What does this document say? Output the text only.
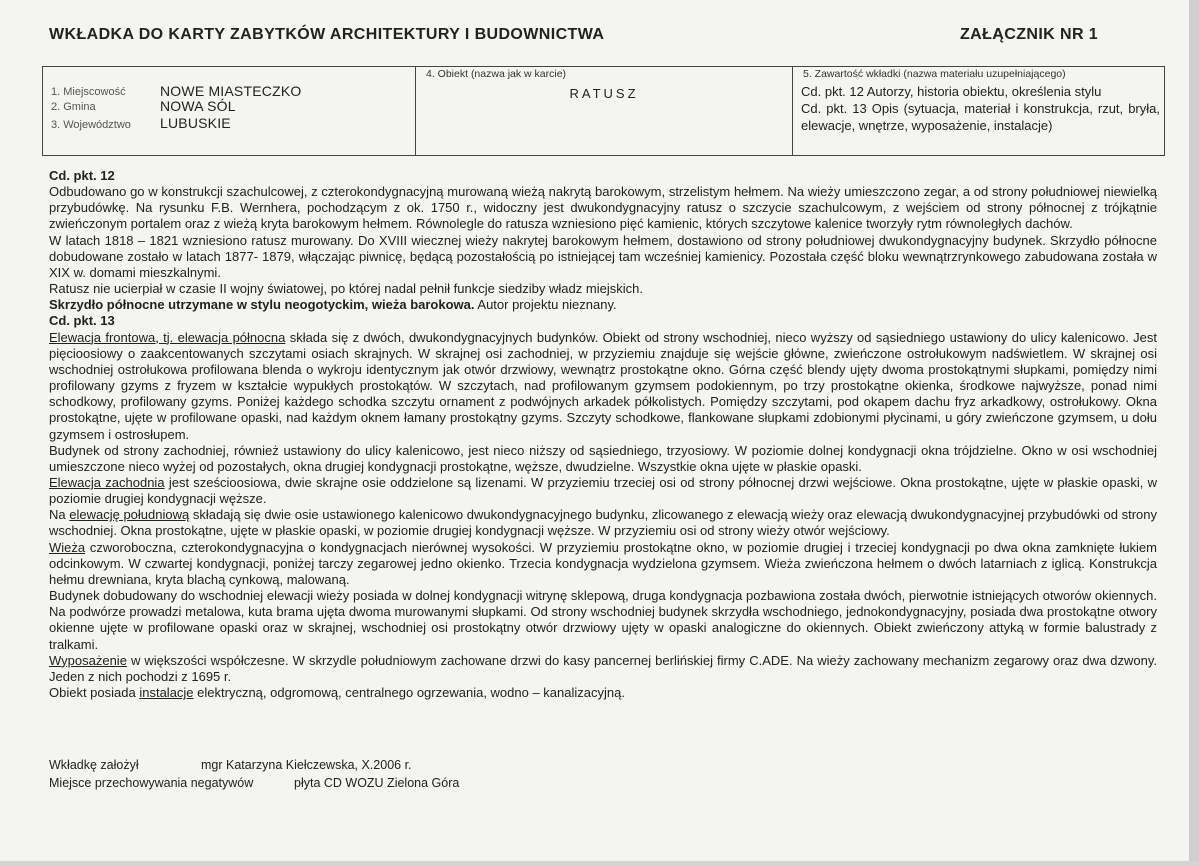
WKŁADKA DO KARTY ZABYTKÓW ARCHITEKTURY I BUDOWNICTWA	ZAŁĄCZNIK NR 1
1. Miejscowość NOWE MIASTECZKO
2. Gmina	NOWA SÓL
3. Województwo LUBUSKIE

4. Obiekt (nazwa jak w karcie)
RATUSZ

5. Zawartość wkładki (nazwa materiału uzupełniającego)
Cd. pkt. 12 Autorzy, historia obiektu, określenia stylu
Cd. pkt. 13 Opis (sytuacja, materiał i konstrukcja, rzut, bryła, elewacje, wnętrze, wyposażenie, instalacje)

Cd. pkt. 12

Odbudowano go w konstrukcji szachulcowej, z czterokondygnacyjną murowaną wieżą nakrytą barokowym, strzelistym hełmem. Na wieży umieszczono zegar, a od strony południowej niewielką przybudówkę. Na rysunku F.B. Wernhera, pochodzącym z ok. 1750 r., widoczny jest dwukondygnacyjny ratusz o szczycie szachulcowym, z wejściem od strony północnej z trójkątnie zwieńczonym portalem oraz z wieżą kryta barokowym hełmem. Równolegle do ratusza wzniesiono pięć kamienic, których szczytowe kalenice tworzyły rytm równoległych dachów.

W latach 1818 – 1821 wzniesiono ratusz murowany. Do XVIII wiecznej wieży nakrytej barokowym hełmem, dostawiono od strony południowej dwukondygnacyjny budynek. Skrzydło północne dobudowane zostało w latach 1877- 1879, włączając piwnicę, będącą pozostałością po istniejącej tam wcześniej kamienicy. Pozostała część bloku wewnątrzrynkowego zabudowana została w XIX w. domami mieszkalnymi.

Ratusz nie ucierpiał w czasie II wojny światowej, po której nadal pełnił funkcje siedziby władz miejskich.

Skrzydło północne utrzymane w stylu neogotyckim, wieża barokowa. Autor projektu nieznany.

Cd. pkt. 13

Elewacja frontowa, tj. elewacja północna składa się z dwóch, dwukondygnacyjnych budynków. Obiekt od strony wschodniej, nieco wyższy od sąsiedniego ustawiony do ulicy kalenicowo. Jest pięcioosiowy o zaakcentowanych szczytami osiach skrajnych. W skrajnej osi zachodniej, w przyziemiu znajduje się wejście główne, zwieńczone ostrołukowym nadświetlem. W skrajnej osi wschodniej ostrołukowa profilowana blenda o wykroju identycznym jak otwór drzwiowy, wewnątrz prostokątne okno. Górna część blendy ujęty dwoma prostokątnymi słupkami, pomiędzy nimi profilowany gzyms z fryzem w kształcie wypukłych prostokątów. W szczytach, nad profilowanym gzymsem podokiennym, po trzy prostokątne okienka, środkowe najwyższe, ponad nimi schodkowy, profilowany gzyms. Poniżej każdego schodka szczytu ornament z podwójnych arkadek półkolistych. Pomiędzy szczytami, pod okapem dachu fryz arkadkowy, ostrołukowy. Okna prostokątne, ujęte w profilowane opaski, nad każdym oknem łamany prostokątny gzyms. Szczyty schodkowe, flankowane słupkami zdobionymi płycinami, u góry zwieńczone gzymsem, u dołu gzymsem i ostrosłupem.

Budynek od strony zachodniej, również ustawiony do ulicy kalenicowo, jest nieco niższy od sąsiedniego, trzyosiowy. W poziomie dolnej kondygnacji okna trójdzielne. Okno w osi wschodniej umieszczone nieco wyżej od pozostałych, okna drugiej kondygnacji prostokątne, węższe, dwudzielne. Wszystkie okna ujęte w płaskie opaski.

Elewacja zachodnia jest sześcioosiowa, dwie skrajne osie oddzielone są lizenami. W przyziemiu trzeciej osi od strony północnej drzwi wejściowe. Okna prostokątne, ujęte w płaskie opaski, w poziomie drugiej kondygnacji węższe.

Na elewację południową składają się dwie osie ustawionego kalenicowo dwukondygnacyjnego budynku, zlicowanego z elewacją wieży oraz elewacją dwukondygnacyjnej przybudówki od strony wschodniej. Okna prostokątne, ujęte w płaskie opaski, w poziomie drugiej kondygnacji węższe. W przyziemiu osi od strony wieży otwór wejściowy.

Wieża czworoboczna, czterokondygnacyjna o kondygnacjach nierównej wysokości. W przyziemiu prostokątne okno, w poziomie drugiej i trzeciej kondygnacji po dwa okna zamknięte łukiem odcinkowym. W czwartej kondygnacji, poniżej tarczy zegarowej jedno okienko. Trzecia kondygnacja wydzielona gzymsem. Wieża zwieńczona hełmem o dwóch latarniach z iglicą. Konstrukcja hełmu drewniana, kryta blachą cynkową, malowaną.

Budynek dobudowany do wschodniej elewacji wieży posiada w dolnej kondygnacji witrynę sklepową, druga kondygnacja pozbawiona została dwóch, pierwotnie istniejących otworów okiennych. Na podwórze prowadzi metalowa, kuta brama ujęta dwoma murowanymi słupkami. Od strony wschodniej budynek skrzydła wschodniego, jednokondygnacyjny, posiada dwa prostokątne otwory okienne ujęte w profilowane opaski oraz w skrajnej, wschodniej osi prostokątny otwór drzwiowy ujęty w opaski analogiczne do okiennych. Obiekt zwieńczony attyką w formie balustrady z tralkami.

Wyposażenie w większości współczesne. W skrzydle południowym zachowane drzwi do kasy pancernej berlińskiej firmy C.ADE. Na wieży zachowany mechanizm zegarowy oraz dwa dzwony. Jeden z nich pochodzi z 1695 r.

Obiekt posiada instalacje elektryczną, odgromową, centralnego ogrzewania, wodno – kanalizacyjną.

Wkładkę założył	mgr Katarzyna Kiełczewska, X.2006 r.
Miejsce przechowywania negatywów	płyta CD WOZU Zielona Góra
